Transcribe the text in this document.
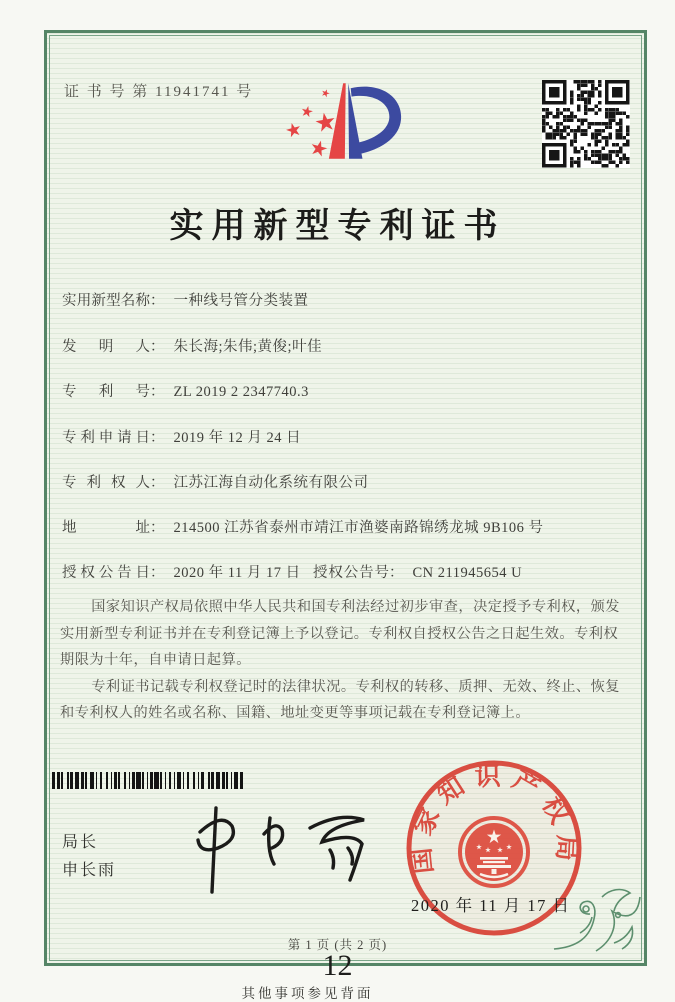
证 书 号 第 11941741 号
实用新型专利证书
实用新型名称： 一种线号管分类装置
发明人： 朱长海;朱伟;黄俊;叶佳
专利号： ZL 2019 2 2347740.3
专利申请日： 2019 年 12 月 24 日
专利权人： 江苏江海自动化系统有限公司
地址： 214500 江苏省泰州市靖江市渔婆南路锦绣龙城 9B106 号
授权公告日： 2020 年 11 月 17 日 授权公告号： CN 211945654 U

国家知识产权局依照中华人民共和国专利法经过初步审查，决定授予专利权，颁发实用新型专利证书并在专利登记簿上予以登记。专利权自授权公告之日起生效。专利权期限为十年，自申请日起算。

专利证书记载专利权登记时的法律状况。专利权的转移、质押、无效、终止、恢复和专利权人的姓名或名称、国籍、地址变更等事项记载在专利登记簿上。

局长
申长雨	国家知识产权局
2020 年 11 月 17 日
第 1 页 (共 2 页)
12
其他事项参见背面
